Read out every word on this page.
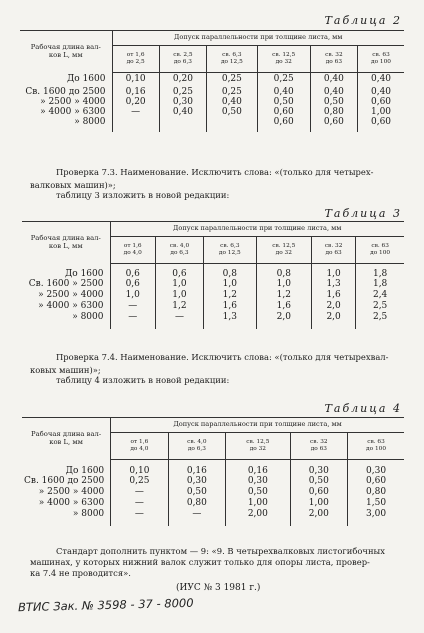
Таблица 2
Рабочая длина вал-
ков L, мм	Допуск параллельности при толщине листа, мм					
	от 1,6
до 2,5	св. 2,5
до 6,3	св. 6,3
до 12,5	св. 12,5
до 32	св. 32
до 63	св. 63
до 100
До 1600	0,10	0,20	0,25	0,25	0,40	0,40
Св. 1600 до 2500	0,16	0,25	0,25	0,40	0,40	0,40
» 2500 » 4000	0,20	0,30	0,40	0,50	0,50	0,60
» 4000 » 6300	—	0,40	0,50	0,60	0,80	1,00
» 8000				0,60	0,60	0,60
Проверка 7.3. Наименование. Исключить слова: «(только для четырех-
валковых машин)»;
таблицу 3 изложить в новой редакции:
Таблица 3
Рабочая длина вал-
ков L, мм	Допуск параллельности при толщине листа, мм					
	от 1,6
до 4,0	св. 4,0
до 6,3	св. 6,3
до 12,5	св. 12,5
до 32	св. 32
до 63	св. 63
до 100
До 1600	0,6	0,6	0,8	0,8	1,0	1,8
Св. 1600 » 2500	0,6	1,0	1,0	1,0	1,3	1,8
» 2500 » 4000	1,0	1,0	1,2	1,2	1,6	2,4
» 4000 » 6300	—	1,2	1,6	1,6	2,0	2,5
» 8000	—	—	1,3	2,0	2,0	2,5
Проверка 7.4. Наименование. Исключить слова: «(только для четырехвал-
ковых машин)»;
таблицу 4 изложить в новой редакции:
Таблица 4
Рабочая длина вал-
ков L, мм	Допуск параллельности при толщине листа, мм				
	от 1,6
до 4,0	св. 4,0
до 6,3	св. 12,5
до 32	св. 32
до 63	св. 63
до 100
До 1600	0,10	0,16	0,16	0,30	0,30
Св. 1600 до 2500	0,25	0,30	0,30	0,50	0,60
» 2500 » 4000	—	0,50	0,50	0,60	0,80
» 4000 » 6300	—	0,80	1,00	1,00	1,50
» 8000	—	—	2,00	2,00	3,00
Стандарт дополнить пунктом — 9: «9. В четырехвалковых листогибочных
машинах, у которых нижний валок служит только для опоры листа, провер-
ка 7.4 не проводится».
(ИУС № 3 1981 г.)
ВТИС Зак. № 3598 - 37 - 8000
